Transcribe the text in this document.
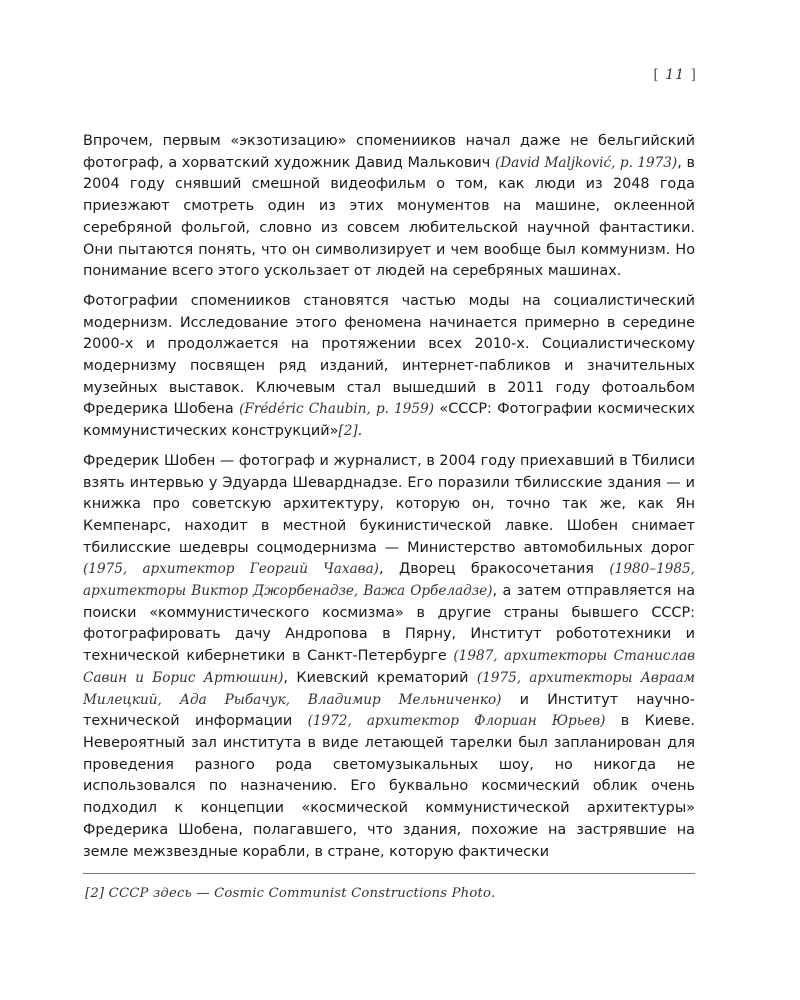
[ 11 ]

Впрочем, первым «экзотизацию» споменииков начал даже не бельгийский фотограф, а хорватский художник Давид Малькович (David Maljković, p. 1973), в 2004 году снявший смешной видеофильм о том, как люди из 2048 года приезжают смотреть один из этих монументов на машине, оклеенной серебряной фольгой, словно из совсем любительской научной фантастики. Они пытаются понять, что он символизирует и чем вообще был коммунизм. Но понимание всего этого ускользает от людей на серебряных машинах.

Фотографии споменииков становятся частью моды на социалистический модернизм. Исследование этого феномена начинается примерно в середине 2000-х и продолжается на протяжении всех 2010-х. Социалистическому модернизму посвящен ряд изданий, интернет-пабликов и значительных музейных выставок. Ключевым стал вышедший в 2011 году фотоальбом Фредерика Шобена (Frédéric Chaubin, p. 1959) «СССР: Фотографии космических коммунистических конструкций»[2].

Фредерик Шобен — фотограф и журналист, в 2004 году приехавший в Тбилиси взять интервью у Эдуарда Шеварднадзе. Его поразили тбилисские здания — и книжка про советскую архитектуру, которую он, точно так же, как Ян Кемпенарс, находит в местной букинистической лавке. Шобен снимает тбилисские шедевры соцмодернизма — Министерство автомобильных дорог (1975, архитектор Георгий Чахава), Дворец бракосочетания (1980–1985, архитекторы Виктор Джорбенадзе, Важа Орбеладзе), а затем отправляется на поиски «коммунистического космизма» в другие страны бывшего СССР: фотографировать дачу Андропова в Пярну, Институт робототехники и технической кибернетики в Санкт-Петербурге (1987, архитекторы Станислав Савин и Борис Артюшин), Киевский крематорий (1975, архитекторы Авраам Милецкий, Ада Рыбачук, Владимир Мельниченко) и Институт научно-технической информации (1972, архитектор Флориан Юрьев) в Киеве. Невероятный зал института в виде летающей тарелки был запланирован для проведения разного рода светомузыкальных шоу, но никогда не использовался по назначению. Его буквально космический облик очень подходил к концепции «космической коммунистической архитектуры» Фредерика Шобена, полагавшего, что здания, похожие на застрявшие на земле межзвездные корабли, в стране, которую фактически

[2] СССР здесь — Cosmic Communist Constructions Photo.
